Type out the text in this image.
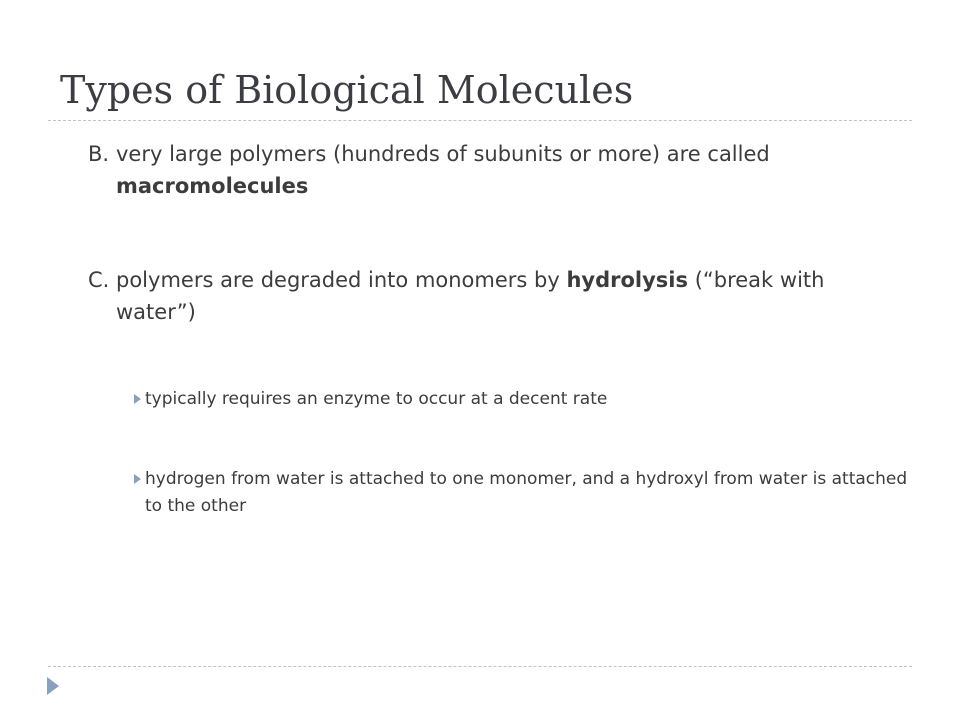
Types of Biological Molecules
B. very large polymers (hundreds of subunits or more) are called macromolecules
C. polymers are degraded into monomers by hydrolysis (“break with water”)
typically requires an enzyme to occur at a decent rate
hydrogen from water is attached to one monomer, and a hydroxyl from water is attached to the other
